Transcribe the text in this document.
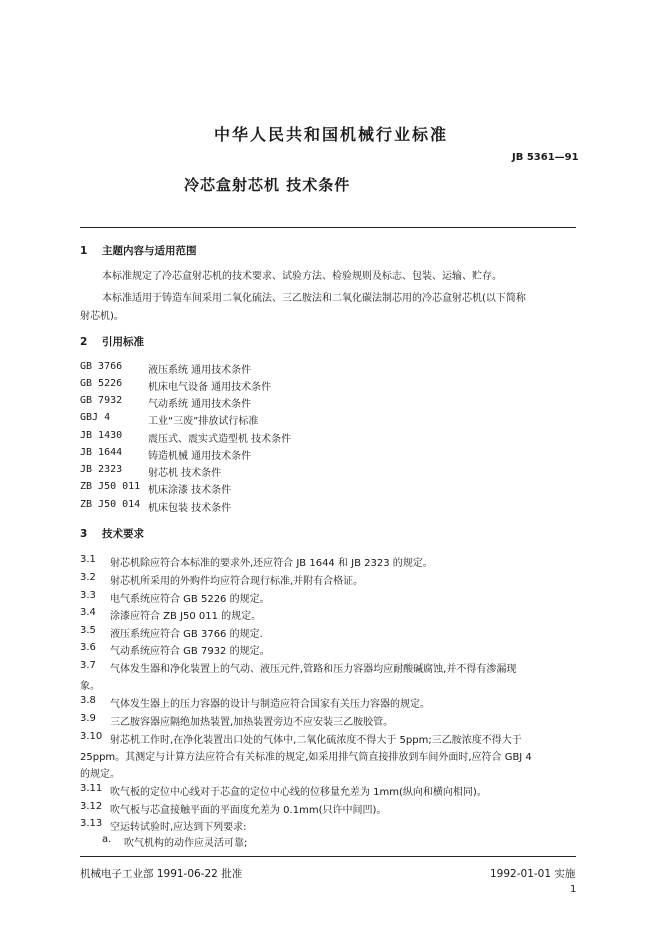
中华人民共和国机械行业标准
JB 5361—91
冷芯盒射芯机 技术条件
1 主题内容与适用范围
本标准规定了冷芯盒射芯机的技术要求、试验方法、检验规则及标志、包装、运输、贮存。
本标准适用于铸造车间采用二氧化硫法、三乙胺法和二氧化碳法制芯用的冷芯盒射芯机(以下简称
射芯机)。
2 引用标准
GB 3766	液压系统 通用技术条件
GB 5226	机床电气设备 通用技术条件
GB 7932	气动系统 通用技术条件
GBJ 4	工业“三废”排放试行标准
JB 1430	震压式、震实式造型机 技术条件
JB 1644	铸造机械 通用技术条件
JB 2323	射芯机 技术条件
ZB J50 011 机床涂漆 技术条件
ZB J50 014 机床包装 技术条件
3 技术要求
3.1 射芯机除应符合本标准的要求外,还应符合 JB 1644 和 JB 2323 的规定。
3.2 射芯机所采用的外购件均应符合现行标准,并附有合格证。
3.3 电气系统应符合 GB 5226 的规定。
3.4 涂漆应符合 ZB J50 011 的规定。
3.5 液压系统应符合 GB 3766 的规定.
3.6 气动系统应符合 GB 7932 的规定。
3.7 气体发生器和净化装置上的气动、液压元件,管路和压力容器均应耐酸碱腐蚀,并不得有渗漏现
象。
3.8 气体发生器上的压力容器的设计与制造应符合国家有关压力容器的规定。
3.9 三乙胺容器应隔绝加热装置,加热装置旁边不应安装三乙胺胶管。
3.10 射芯机工作时,在净化装置出口处的气体中,二氧化硫浓度不得大于 5ppm;三乙胺浓度不得大于
25ppm。其测定与计算方法应符合有关标准的规定,如采用排气筒直接排放到车间外面时,应符合 GBJ 4
的规定。
3.11 吹气板的定位中心线对于芯盒的定位中心线的位移量允差为 1mm(纵向和横向相同)。
3.12 吹气板与芯盒接触平面的平面度允差为 0.1mm(只许中间凹)。
3.13 空运转试验时,应达到下列要求:
a. 吹气机构的动作应灵活可靠;
机械电子工业部 1991-06-22 批准	1992-01-01 实施
1
